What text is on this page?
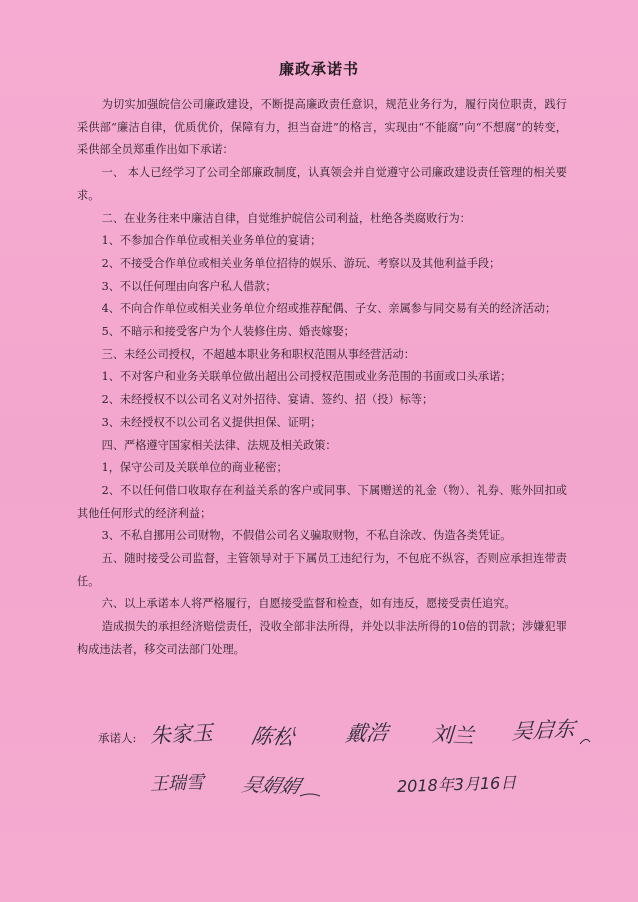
廉政承诺书

为切实加强皖信公司廉政建设，不断提高廉政责任意识，规范业务行为，履行岗位职责，践行采供部“廉洁自律，优质优价，保障有力，担当奋进”的格言，实现由“不能腐”向“不想腐”的转变，采供部全员郑重作出如下承诺：

一、 本人已经学习了公司全部廉政制度，认真领会并自觉遵守公司廉政建设责任管理的相关要求。

二、在业务往来中廉洁自律，自觉维护皖信公司利益，杜绝各类腐败行为：

1、不参加合作单位或相关业务单位的宴请；

2、不接受合作单位或相关业务单位招待的娱乐、游玩、考察以及其他利益手段；

3、不以任何理由向客户私人借款；

4、不向合作单位或相关业务单位介绍或推荐配偶、子女、亲属参与同交易有关的经济活动；

5、不暗示和接受客户为个人装修住房、婚丧嫁娶；

三、未经公司授权，不超越本职业务和职权范围从事经营活动：

1、不对客户和业务关联单位做出超出公司授权范围或业务范围的书面或口头承诺；

2、未经授权不以公司名义对外招待、宴请、签约、招（投）标等；

3、未经授权不以公司名义提供担保、证明；

四、严格遵守国家相关法律、法规及相关政策：

1，保守公司及关联单位的商业秘密；

2、不以任何借口收取存在利益关系的客户或同事、下属赠送的礼金（物）、礼券、账外回扣或其他任何形式的经济利益；

3、不私自挪用公司财物，不假借公司名义骗取财物，不私自涂改、伪造各类凭证。

五、随时接受公司监督，主管领导对于下属员工违纪行为，不包庇不纵容，否则应承担连带责任。

六、以上承诺本人将严格履行，自愿接受监督和检查，如有违反，愿接受责任追究。

造成损失的承担经济赔偿责任，没收全部非法所得，并处以非法所得的10倍的罚款；涉嫌犯罪构成违法者，移交司法部门处理。

承诺人: 朱家玉 陈松 戴浩 刘兰 吴启东
王瑞雪 吴娟娟	2018年3月16日
